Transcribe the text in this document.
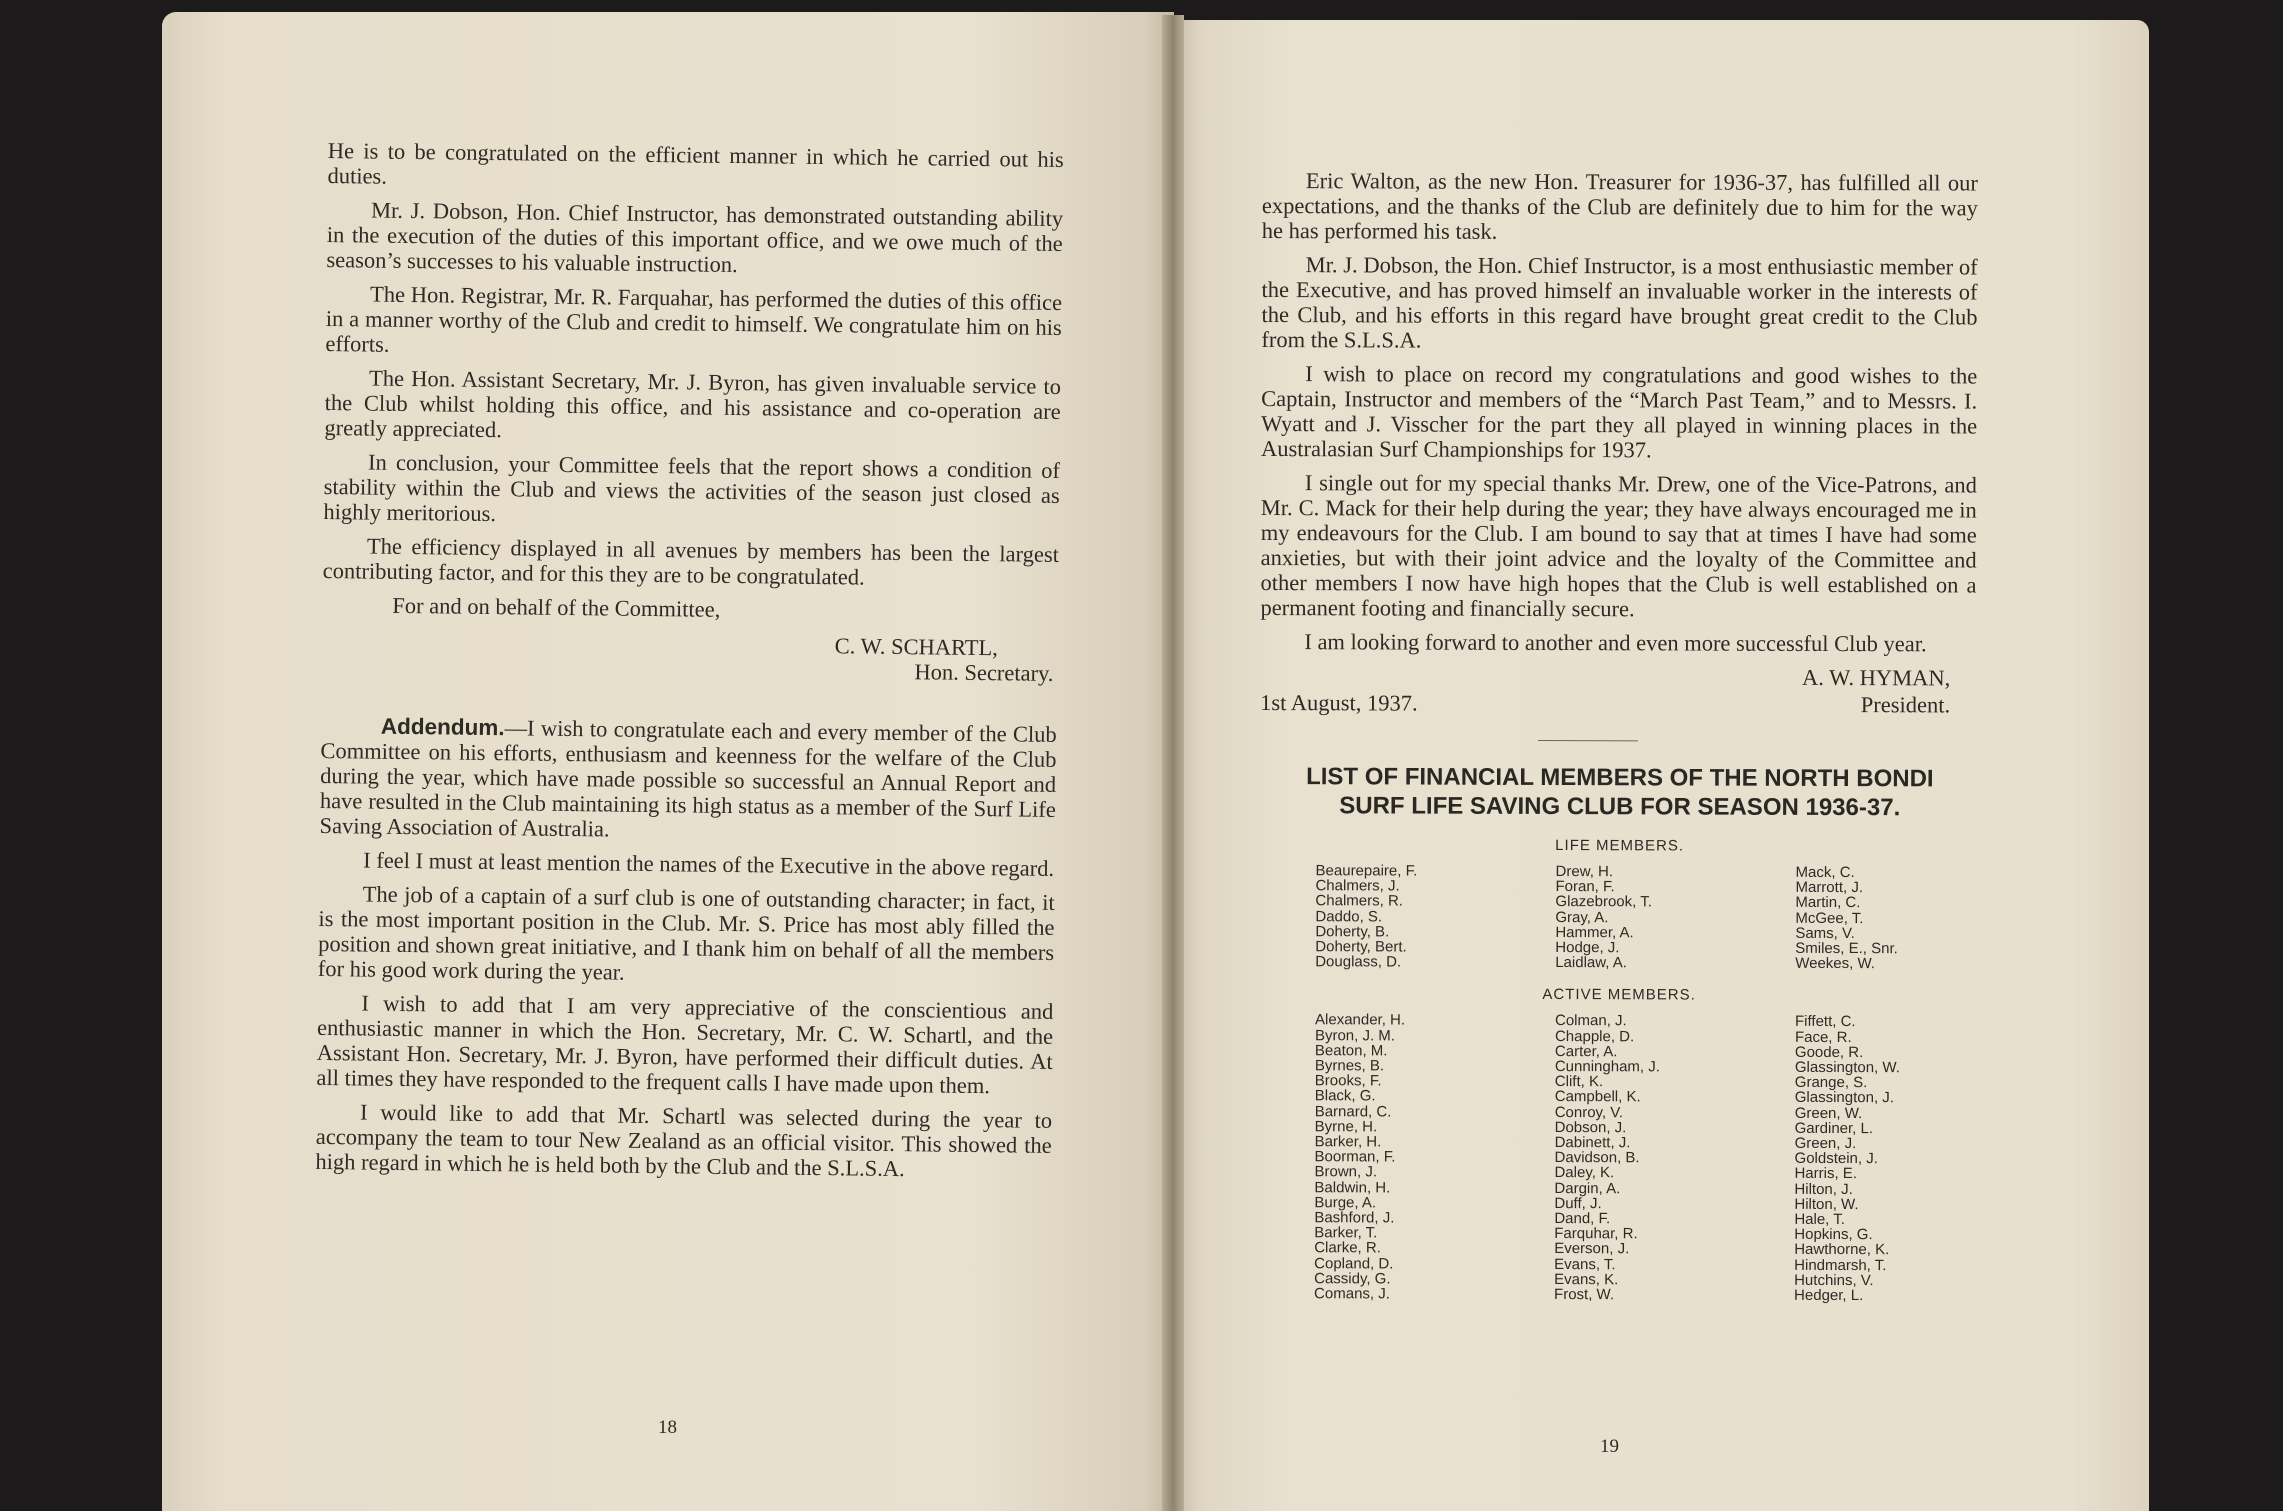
He is to be congratulated on the efficient manner in which he carried out his duties.

Mr. J. Dobson, Hon. Chief Instructor, has demonstrated outstanding ability in the execution of the duties of this important office, and we owe much of the season’s successes to his valuable instruction.

The Hon. Registrar, Mr. R. Farquahar, has performed the duties of this office in a manner worthy of the Club and credit to himself. We congratulate him on his efforts.

The Hon. Assistant Secretary, Mr. J. Byron, has given invaluable service to the Club whilst holding this office, and his assistance and co-operation are greatly appreciated.

In conclusion, your Committee feels that the report shows a condition of stability within the Club and views the activities of the season just closed as highly meritorious.

The efficiency displayed in all avenues by members has been the largest contributing factor, and for this they are to be congratulated.

For and on behalf of the Committee,

C. W. SCHARTL,

Hon. Secretary.

Addendum.—I wish to congratulate each and every member of the Club Committee on his efforts, enthusiasm and keenness for the welfare of the Club during the year, which have made possible so successful an Annual Report and have resulted in the Club maintaining its high status as a member of the Surf Life Saving Association of Australia.

I feel I must at least mention the names of the Executive in the above regard.

The job of a captain of a surf club is one of outstanding character; in fact, it is the most important position in the Club. Mr. S. Price has most ably filled the position and shown great initiative, and I thank him on behalf of all the members for his good work during the year.

I wish to add that I am very appreciative of the conscientious and enthusiastic manner in which the Hon. Secretary, Mr. C. W. Schartl, and the Assistant Hon. Secretary, Mr. J. Byron, have performed their difficult duties. At all times they have responded to the frequent calls I have made upon them.

I would like to add that Mr. Schartl was selected during the year to accompany the team to tour New Zealand as an official visitor. This showed the high regard in which he is held both by the Club and the S.L.S.A.

18

Eric Walton, as the new Hon. Treasurer for 1936-37, has fulfilled all our expectations, and the thanks of the Club are definitely due to him for the way he has performed his task.

Mr. J. Dobson, the Hon. Chief Instructor, is a most enthusiastic member of the Executive, and has proved himself an invaluable worker in the interests of the Club, and his efforts in this regard have brought great credit to the Club from the S.L.S.A.

I wish to place on record my congratulations and good wishes to the Captain, Instructor and members of the “March Past Team,” and to Messrs. I. Wyatt and J. Visscher for the part they all played in winning places in the Australasian Surf Championships for 1937.

I single out for my special thanks Mr. Drew, one of the Vice-Patrons, and Mr. C. Mack for their help during the year; they have always encouraged me in my endeavours for the Club. I am bound to say that at times I have had some anxieties, but with their joint advice and the loyalty of the Committee and other members I now have high hopes that the Club is well established on a permanent footing and financially secure.

I am looking forward to another and even more successful Club year.

A. W. HYMAN,

1st August, 1937.	President.
LIST OF FINANCIAL MEMBERS OF THE NORTH BONDI
SURF LIFE SAVING CLUB FOR SEASON 1936-37.
LIFE MEMBERS.
Beaurepaire, F.
Chalmers, J.
Chalmers, R.
Daddo, S.
Doherty, B.
Doherty, Bert.
Douglass, D.
Drew, H.
Foran, F.
Glazebrook, T.
Gray, A.
Hammer, A.
Hodge, J.
Laidlaw, A.
Mack, C.
Marrott, J.
Martin, C.
McGee, T.
Sams, V.
Smiles, E., Snr.
Weekes, W.
ACTIVE MEMBERS.
Alexander, H.
Byron, J. M.
Beaton, M.
Byrnes, B.
Brooks, F.
Black, G.
Barnard, C.
Byrne, H.
Barker, H.
Boorman, F.
Brown, J.
Baldwin, H.
Burge, A.
Bashford, J.
Barker, T.
Clarke, R.
Copland, D.
Cassidy, G.
Comans, J.
Colman, J.
Chapple, D.
Carter, A.
Cunningham, J.
Clift, K.
Campbell, K.
Conroy, V.
Dobson, J.
Dabinett, J.
Davidson, B.
Daley, K.
Dargin, A.
Duff, J.
Dand, F.
Farquhar, R.
Everson, J.
Evans, T.
Evans, K.
Frost, W.
Fiffett, C.
Face, R.
Goode, R.
Glassington, W.
Grange, S.
Glassington, J.
Green, W.
Gardiner, L.
Green, J.
Goldstein, J.
Harris, E.
Hilton, J.
Hilton, W.
Hale, T.
Hopkins, G.
Hawthorne, K.
Hindmarsh, T.
Hutchins, V.
Hedger, L.
19
